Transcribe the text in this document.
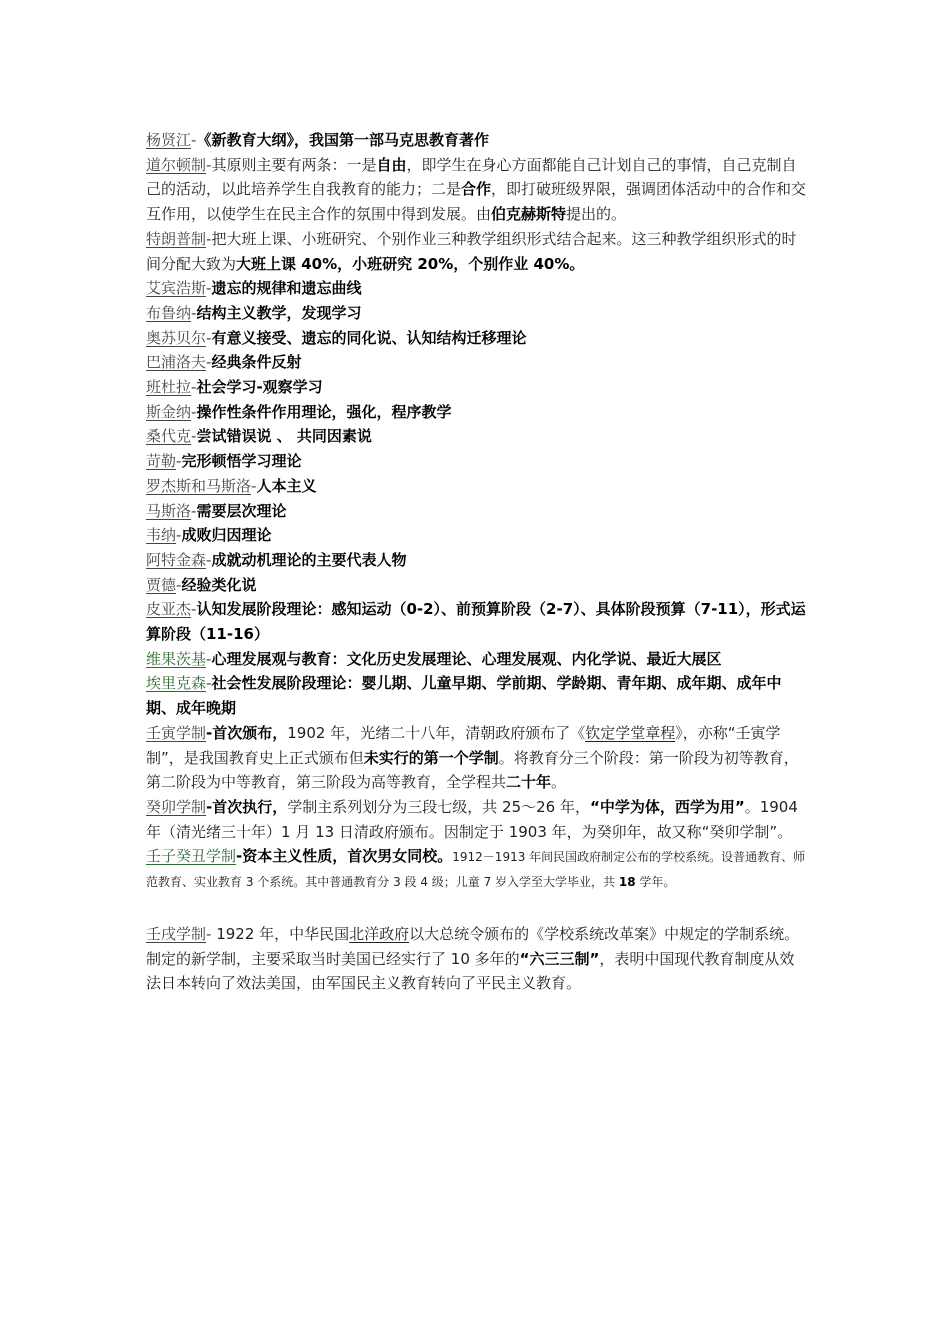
杨贤江-《新教育大纲》，我国第一部马克思教育著作

道尔顿制-其原则主要有两条：一是自由，即学生在身心方面都能自己计划自己的事情，自己克制自己的活动，以此培养学生自我教育的能力；二是合作，即打破班级界限，强调团体活动中的合作和交互作用，以使学生在民主合作的氛围中得到发展。由伯克赫斯特提出的。

特朗普制-把大班上课、小班研究、个别作业三种教学组织形式结合起来。这三种教学组织形式的时间分配大致为大班上课 40%，小班研究 20%，个别作业 40%。

艾宾浩斯-遗忘的规律和遗忘曲线

布鲁纳-结构主义教学，发现学习

奥苏贝尔-有意义接受、遗忘的同化说、认知结构迁移理论

巴浦洛夫-经典条件反射

班杜拉-社会学习-观察学习

斯金纳-操作性条件作用理论，强化，程序教学

桑代克-尝试错误说 、 共同因素说

苛勒-完形顿悟学习理论

罗杰斯和马斯洛-人本主义

马斯洛-需要层次理论

韦纳-成败归因理论

阿特金森-成就动机理论的主要代表人物

贾德-经验类化说

皮亚杰-认知发展阶段理论：感知运动（0-2）、前预算阶段（2-7）、具体阶段预算（7-11），形式运算阶段（11-16）

维果茨基-心理发展观与教育：文化历史发展理论、心理发展观、内化学说、最近大展区

埃里克森-社会性发展阶段理论：婴儿期、儿童早期、学前期、学龄期、青年期、成年期、成年中期、成年晚期

壬寅学制-首次颁布，1902 年，光绪二十八年，清朝政府颁布了《钦定学堂章程》，亦称“壬寅学制”，是我国教育史上正式颁布但未实行的第一个学制。将教育分三个阶段：第一阶段为初等教育，第二阶段为中等教育，第三阶段为高等教育，全学程共二十年。

癸卯学制-首次执行，学制主系列划分为三段七级，共 25～26 年，“中学为体，西学为用”。1904 年（清光绪三十年）1 月 13 日清政府颁布。因制定于 1903 年，为癸卯年，故又称“癸卯学制”。

壬子癸丑学制-资本主义性质，首次男女同校。1912－1913 年间民国政府制定公布的学校系统。设普通教育、师范教育、实业教育 3 个系统。其中普通教育分 3 段 4 级；儿童 7 岁入学至大学毕业，共 18 学年。

壬戌学制- 1922 年，中华民国北洋政府以大总统令颁布的《学校系统改革案》中规定的学制系统。制定的新学制，主要采取当时美国已经实行了 10 多年的“六三三制”，表明中国现代教育制度从效法日本转向了效法美国，由军国民主义教育转向了平民主义教育。
